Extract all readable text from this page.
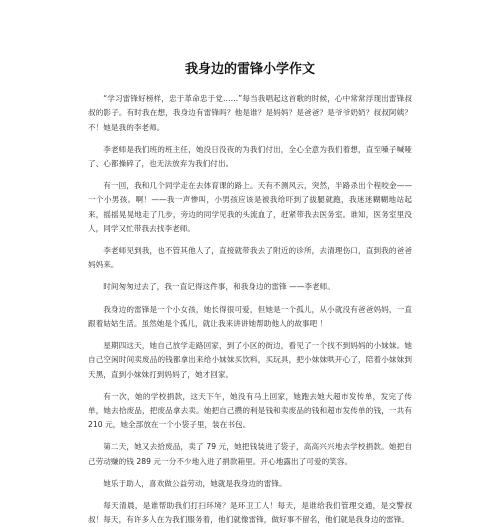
我身边的雷锋小学作文

“学习雷锋好榜样，忠于革命忠于党……”每当我唱起这首歌的时候，心中常常浮现出雷锋叔叔的影子。有时我在想，我身边有雷锋吗？他是谁？是妈妈？是爸爸？是爷爷奶奶？叔叔阿姨？不！她是我的李老师。

李老师是我们班的班主任，她没日没夜的为我们付出，全心全意为我们着想，直至嗓子喊哑了、心都操碎了，也无法放弃为我们付出。

有一回，我和几个同学走在去体育课的路上。天有不测风云，突然，半路杀出个程咬金——一个小男孩。啊！——我一声惨叫，小男孩应该是被我给吓到了拔腿就跑，我迷迷糊糊地站起来，摇摇晃晃地走了几步，旁边的同学见我的头流血了，赶紧带我去医务室。谁知，医务室里没人，同学又忙带我去找李老师。

李老师见到我，也不管其他人了，直接就带我去了附近的诊所，去清理伤口，直到我的爸爸妈妈来。

时间匆匆过去了，我一直记得这件事，和我身边的雷锋 ——李老师。

我身边的雷锋是一个小女孩，她长得很可爱，但她是一个孤儿，从小就没有爸爸妈妈，一直跟着姑姑生活。虽然她是个孤儿，就让我来讲讲她帮助他人的故事吧 ！

星期四这天，她自己放学走路回家，到了小区的街边，看见了一个找不到妈妈的小妹妹。她自己空闲时间卖废品的钱都拿出来给小妹妹买饮料，买玩具，把小妹妹哄开心了，陪着小妹妹到天黑，直到小妹妹打到妈妈了，她才回家。

有一次，她的学校捐款，这天下午，她没有马上回家，她跑去她大超市发传单，发完了传单，她去拾废品，把废品拿去卖。她把自己攒的利是钱和卖废品的钱和超市发传单的钱，一共有 210 元，她全部放在一个小袋子里，装在书包。

第二天，她又去拾废品，卖了 79 元，她把钱装进了袋子，高高兴兴地去学校捐款。她把自己劳动赚的钱 289 元一分不少地入进了捐款箱里。开心地露出了可爱的笑容。

她乐于助人，喜欢做公益劳动，她就是我身边的雷锋。

每天清晨，是谁帮助我们打扫环境？是环卫工人！每天，是谁给我们管理交通，是交警叔叔！每天，有许多人在为我们服务着，他们就像雷锋，做好事不留名，他们就是我身边的雷锋。
